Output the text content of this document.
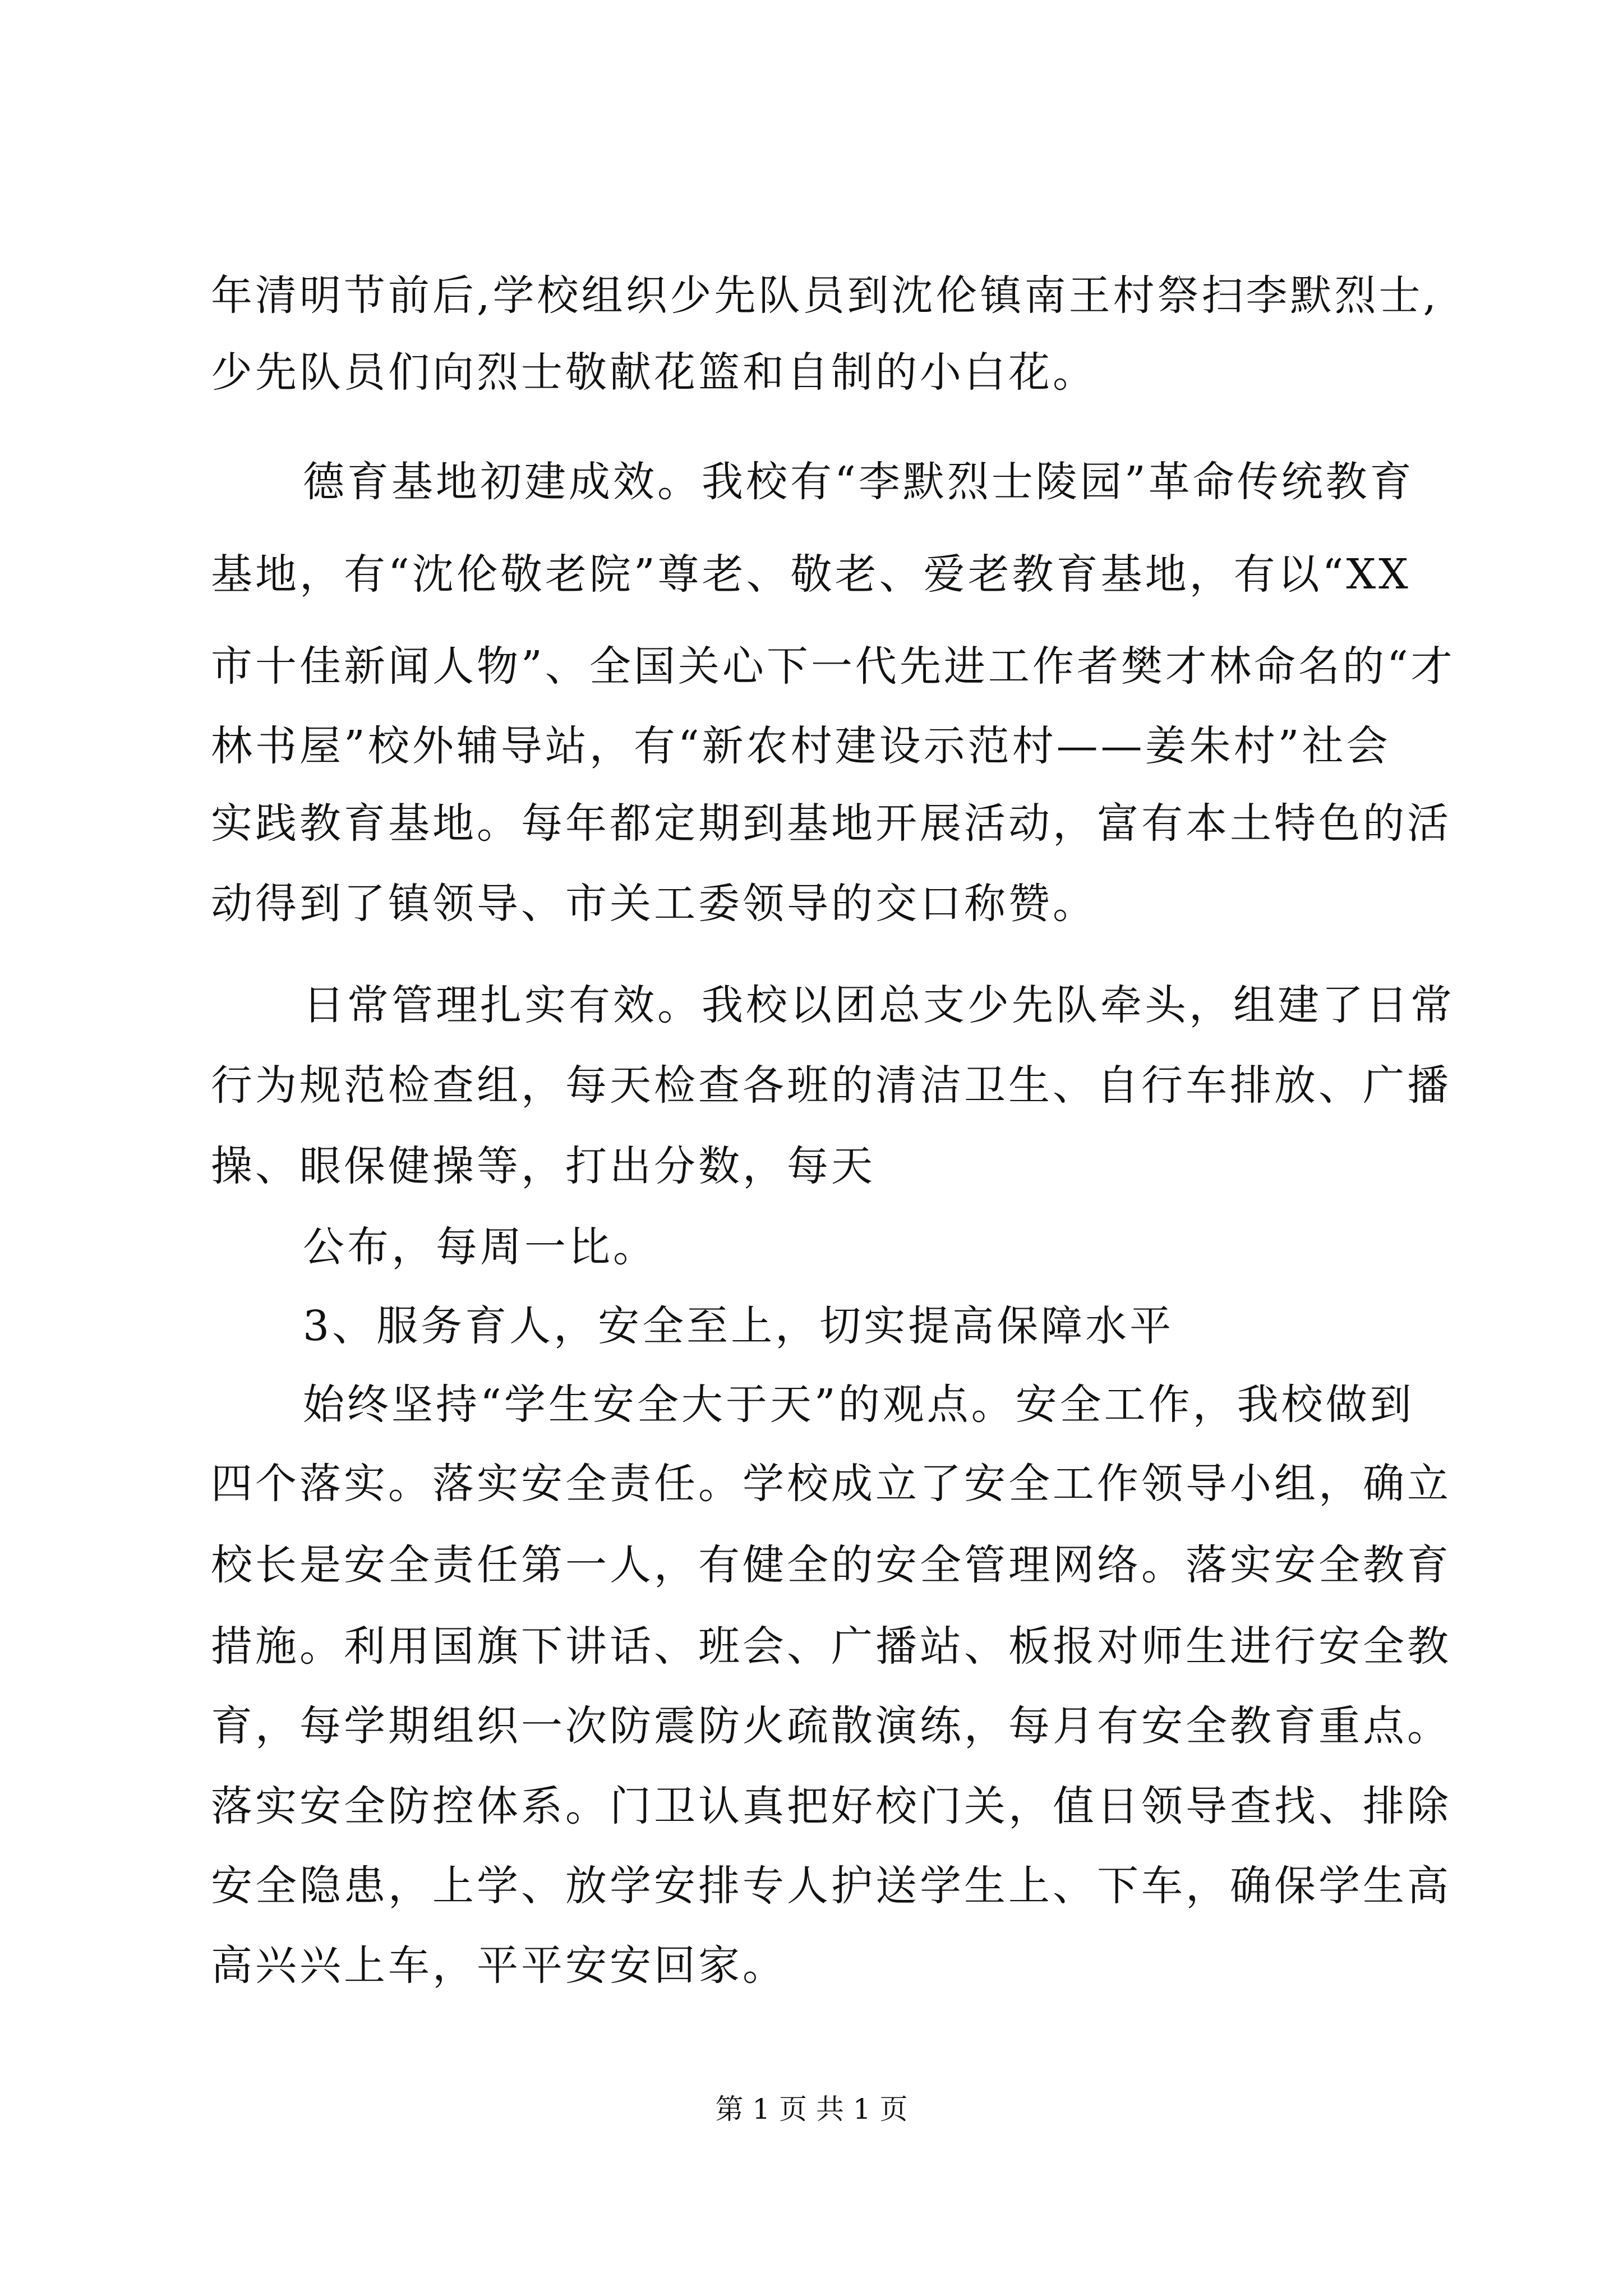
年清明节前后,学校组织少先队员到沈伦镇南王村祭扫李默烈士,
少先队员们向烈士敬献花篮和自制的小白花。
德育基地初建成效。我校有“李默烈士陵园”革命传统教育
基地，有“沈伦敬老院”尊老、敬老、爱老教育基地，有以“XX
市十佳新闻人物”、全国关心下一代先进工作者樊才林命名的“才
林书屋”校外辅导站，有“新农村建设示范村——姜朱村”社会
实践教育基地。每年都定期到基地开展活动，富有本土特色的活
动得到了镇领导、市关工委领导的交口称赞。
日常管理扎实有效。我校以团总支少先队牵头，组建了日常
行为规范检查组，每天检查各班的清洁卫生、自行车排放、广播
操、眼保健操等，打出分数，每天
公布，每周一比。
3、服务育人，安全至上，切实提高保障水平
始终坚持“学生安全大于天”的观点。安全工作，我校做到
四个落实。落实安全责任。学校成立了安全工作领导小组，确立
校长是安全责任第一人，有健全的安全管理网络。落实安全教育
措施。利用国旗下讲话、班会、广播站、板报对师生进行安全教
育，每学期组织一次防震防火疏散演练，每月有安全教育重点。
落实安全防控体系。门卫认真把好校门关，值日领导查找、排除
安全隐患，上学、放学安排专人护送学生上、下车，确保学生高
高兴兴上车，平平安安回家。
第 1 页 共 1 页
